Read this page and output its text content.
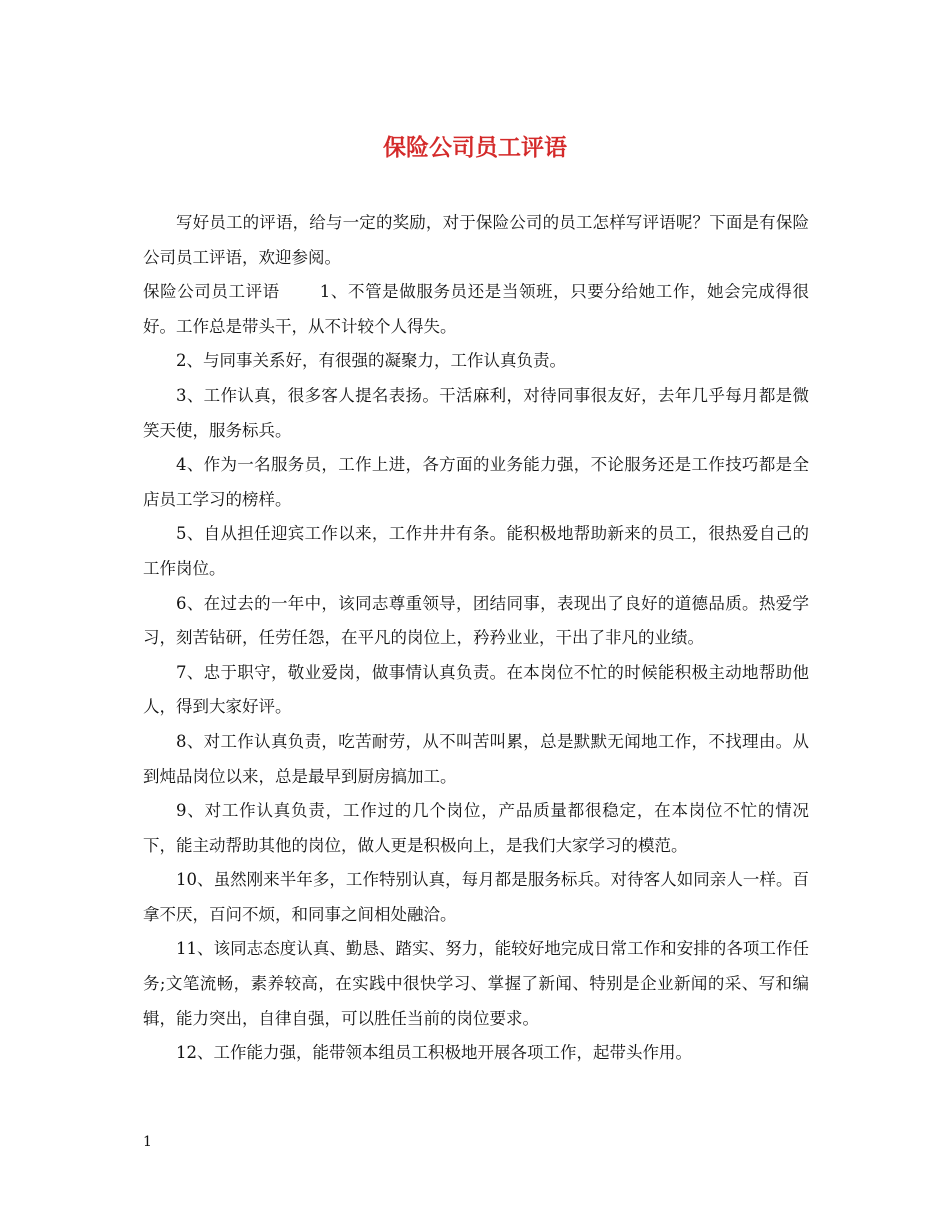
保险公司员工评语

写好员工的评语，给与一定的奖励，对于保险公司的员工怎样写评语呢？下面是有保险公司员工评语，欢迎参阅。

保险公司员工评语 1、不管是做服务员还是当领班，只要分给她工作，她会完成得很好。工作总是带头干，从不计较个人得失。

2、与同事关系好，有很强的凝聚力，工作认真负责。

3、工作认真，很多客人提名表扬。干活麻利，对待同事很友好，去年几乎每月都是微笑天使，服务标兵。

4、作为一名服务员，工作上进，各方面的业务能力强，不论服务还是工作技巧都是全店员工学习的榜样。

5、自从担任迎宾工作以来，工作井井有条。能积极地帮助新来的员工，很热爱自己的工作岗位。

6、在过去的一年中，该同志尊重领导，团结同事，表现出了良好的道德品质。热爱学习，刻苦钻研，任劳任怨，在平凡的岗位上，矜矜业业，干出了非凡的业绩。

7、忠于职守，敬业爱岗，做事情认真负责。在本岗位不忙的时候能积极主动地帮助他人，得到大家好评。

8、对工作认真负责，吃苦耐劳，从不叫苦叫累，总是默默无闻地工作，不找理由。从到炖品岗位以来，总是最早到厨房搞加工。

9、对工作认真负责，工作过的几个岗位，产品质量都很稳定，在本岗位不忙的情况下，能主动帮助其他的岗位，做人更是积极向上，是我们大家学习的模范。

10、虽然刚来半年多，工作特别认真，每月都是服务标兵。对待客人如同亲人一样。百拿不厌，百问不烦，和同事之间相处融洽。

11、该同志态度认真、勤恳、踏实、努力，能较好地完成日常工作和安排的各项工作任务;文笔流畅，素养较高，在实践中很快学习、掌握了新闻、特别是企业新闻的采、写和编辑，能力突出，自律自强，可以胜任当前的岗位要求。

12、工作能力强，能带领本组员工积极地开展各项工作，起带头作用。

1
